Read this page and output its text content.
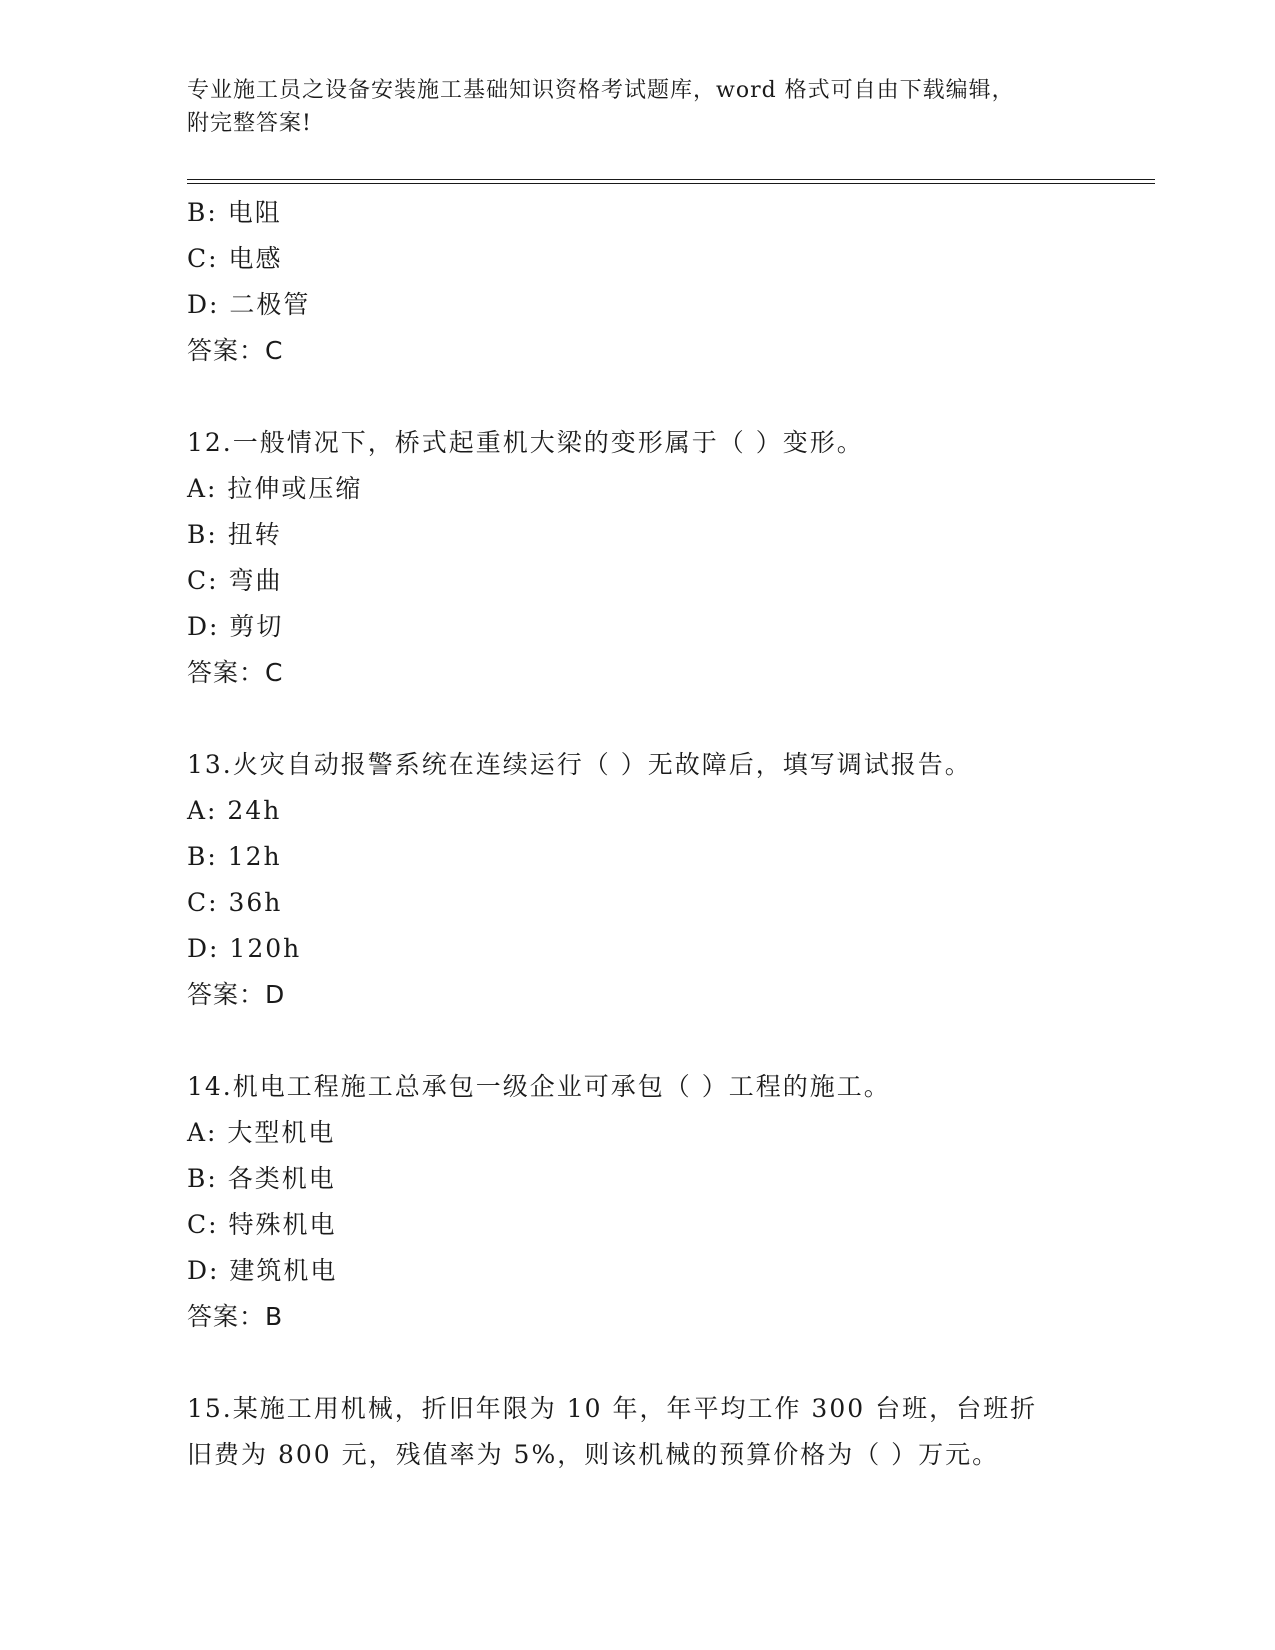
专业施工员之设备安装施工基础知识资格考试题库，word 格式可自由下载编辑，
附完整答案!
B: 电阻
C: 电感
D: 二极管
答案：C
12.一般情况下，桥式起重机大梁的变形属于（ ）变形。
A: 拉伸或压缩
B: 扭转
C: 弯曲
D: 剪切
答案：C
13.火灾自动报警系统在连续运行（ ）无故障后，填写调试报告。
A: 24h
B: 12h
C: 36h
D: 120h
答案：D
14.机电工程施工总承包一级企业可承包（ ）工程的施工。
A: 大型机电
B: 各类机电
C: 特殊机电
D: 建筑机电
答案：B
15.某施工用机械，折旧年限为 10 年，年平均工作 300 台班，台班折
旧费为 800 元，残值率为 5%，则该机械的预算价格为（ ）万元。
